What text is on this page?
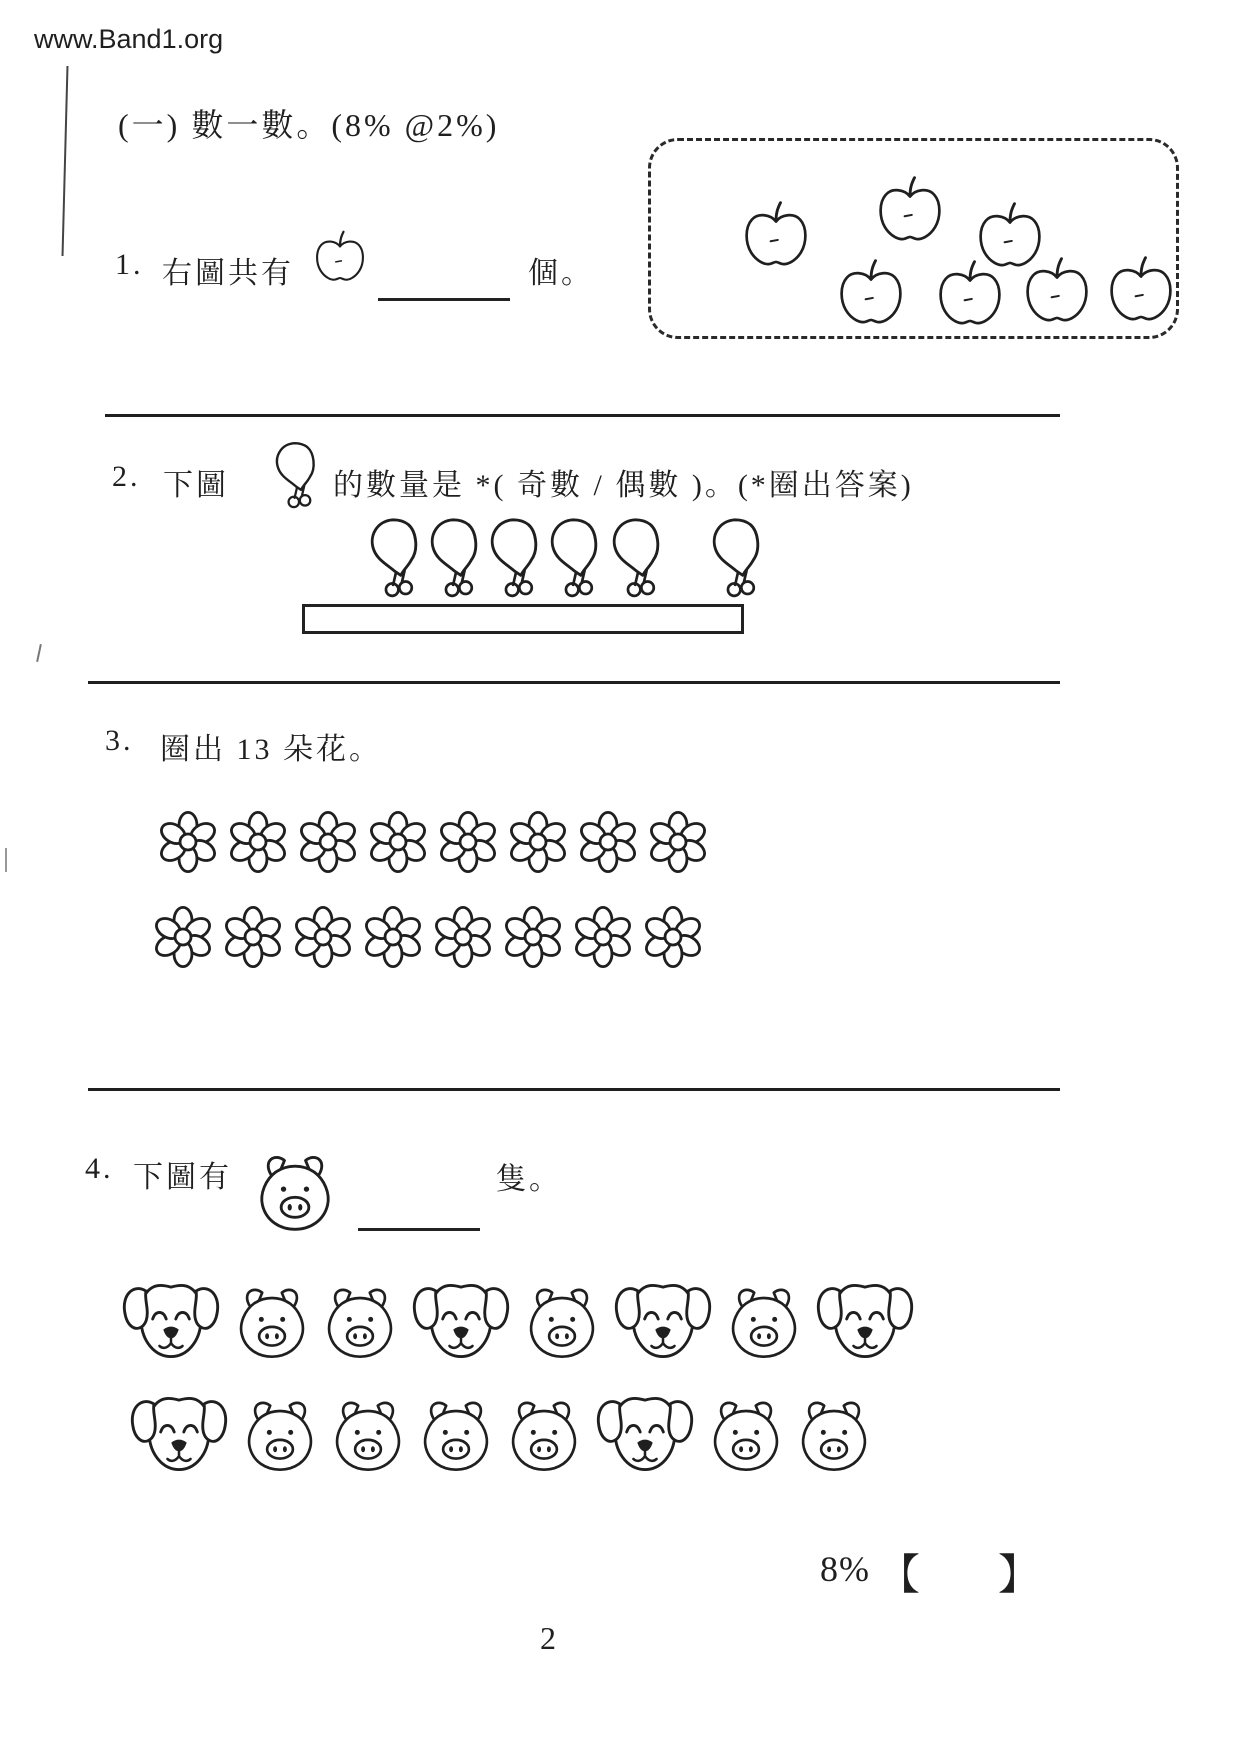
www.Band1.org
(一) 數一數。(8% @2%)
1. 右圖共有	個。
2. 下圖	的數量是 *( 奇數 / 偶數 )。(*圈出答案)
3. 圈出 13 朵花。
4. 下圖有	隻。
8% 【 】
2
